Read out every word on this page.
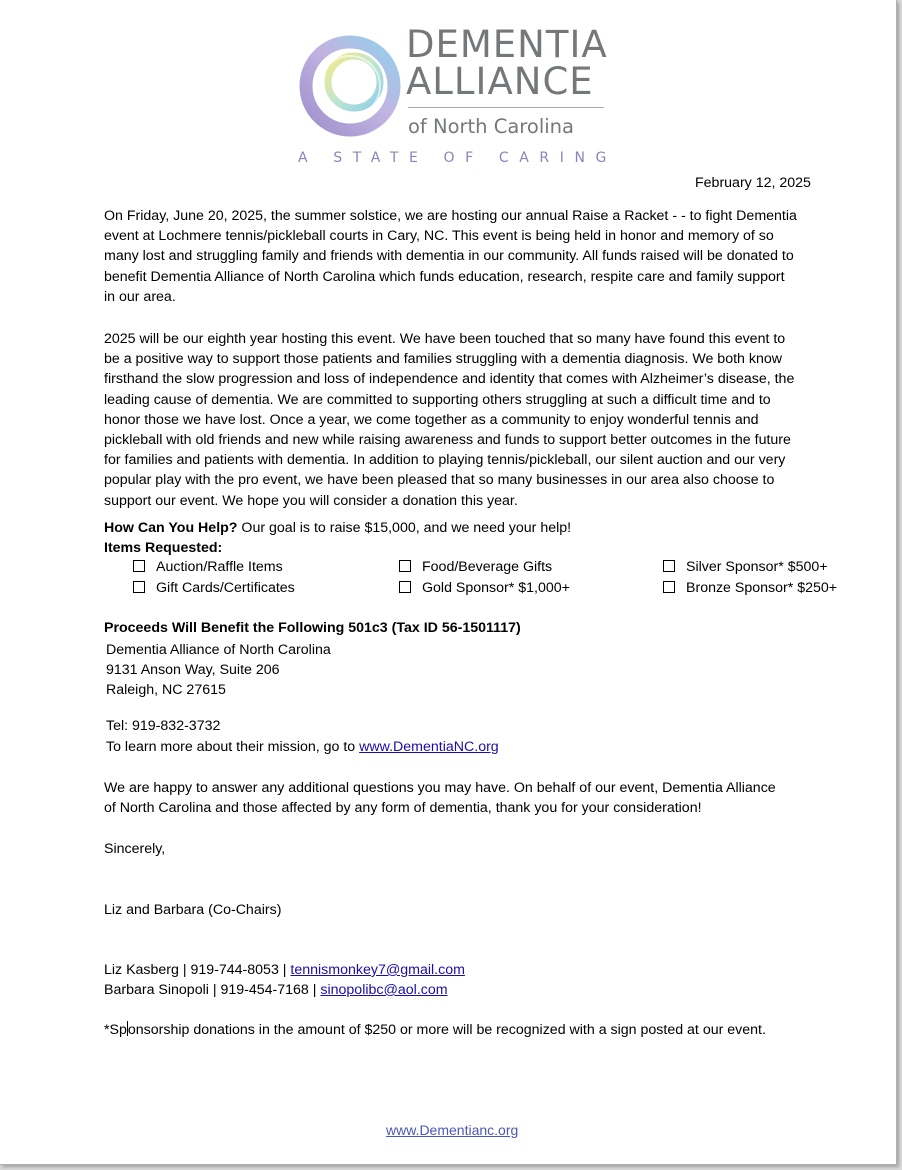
DEMENTIA
ALLIANCE
of North Carolina
A STATE OF CARING
February 12, 2025
On Friday, June 20, 2025, the summer solstice, we are hosting our annual Raise a Racket - - to fight Dementia
event at Lochmere tennis/pickleball courts in Cary, NC. This event is being held in honor and memory of so
many lost and struggling family and friends with dementia in our community. All funds raised will be donated to
benefit Dementia Alliance of North Carolina which funds education, research, respite care and family support
in our area.
2025 will be our eighth year hosting this event. We have been touched that so many have found this event to
be a positive way to support those patients and families struggling with a dementia diagnosis. We both know
firsthand the slow progression and loss of independence and identity that comes with Alzheimer’s disease, the
leading cause of dementia. We are committed to supporting others struggling at such a difficult time and to
honor those we have lost. Once a year, we come together as a community to enjoy wonderful tennis and
pickleball with old friends and new while raising awareness and funds to support better outcomes in the future
for families and patients with dementia. In addition to playing tennis/pickleball, our silent auction and our very
popular play with the pro event, we have been pleased that so many businesses in our area also choose to
support our event. We hope you will consider a donation this year.
How Can You Help? Our goal is to raise $15,000, and we need your help!
Items Requested:
Auction/Raffle Items
Gift Cards/Certificates
Food/Beverage Gifts
Gold Sponsor* $1,000+
Silver Sponsor* $500+
Bronze Sponsor* $250+
Proceeds Will Benefit the Following 501c3 (Tax ID 56-1501117)
Dementia Alliance of North Carolina
9131 Anson Way, Suite 206
Raleigh, NC 27615
Tel: 919-832-3732
To learn more about their mission, go to www.DementiaNC.org
We are happy to answer any additional questions you may have. On behalf of our event, Dementia Alliance
of North Carolina and those affected by any form of dementia, thank you for your consideration!
Sincerely,
Liz and Barbara (Co-Chairs)
Liz Kasberg | 919-744-8053 | tennismonkey7@gmail.com
Barbara Sinopoli | 919-454-7168 | sinopolibc@aol.com
*Sponsorship donations in the amount of $250 or more will be recognized with a sign posted at our event.
www.Dementianc.org
